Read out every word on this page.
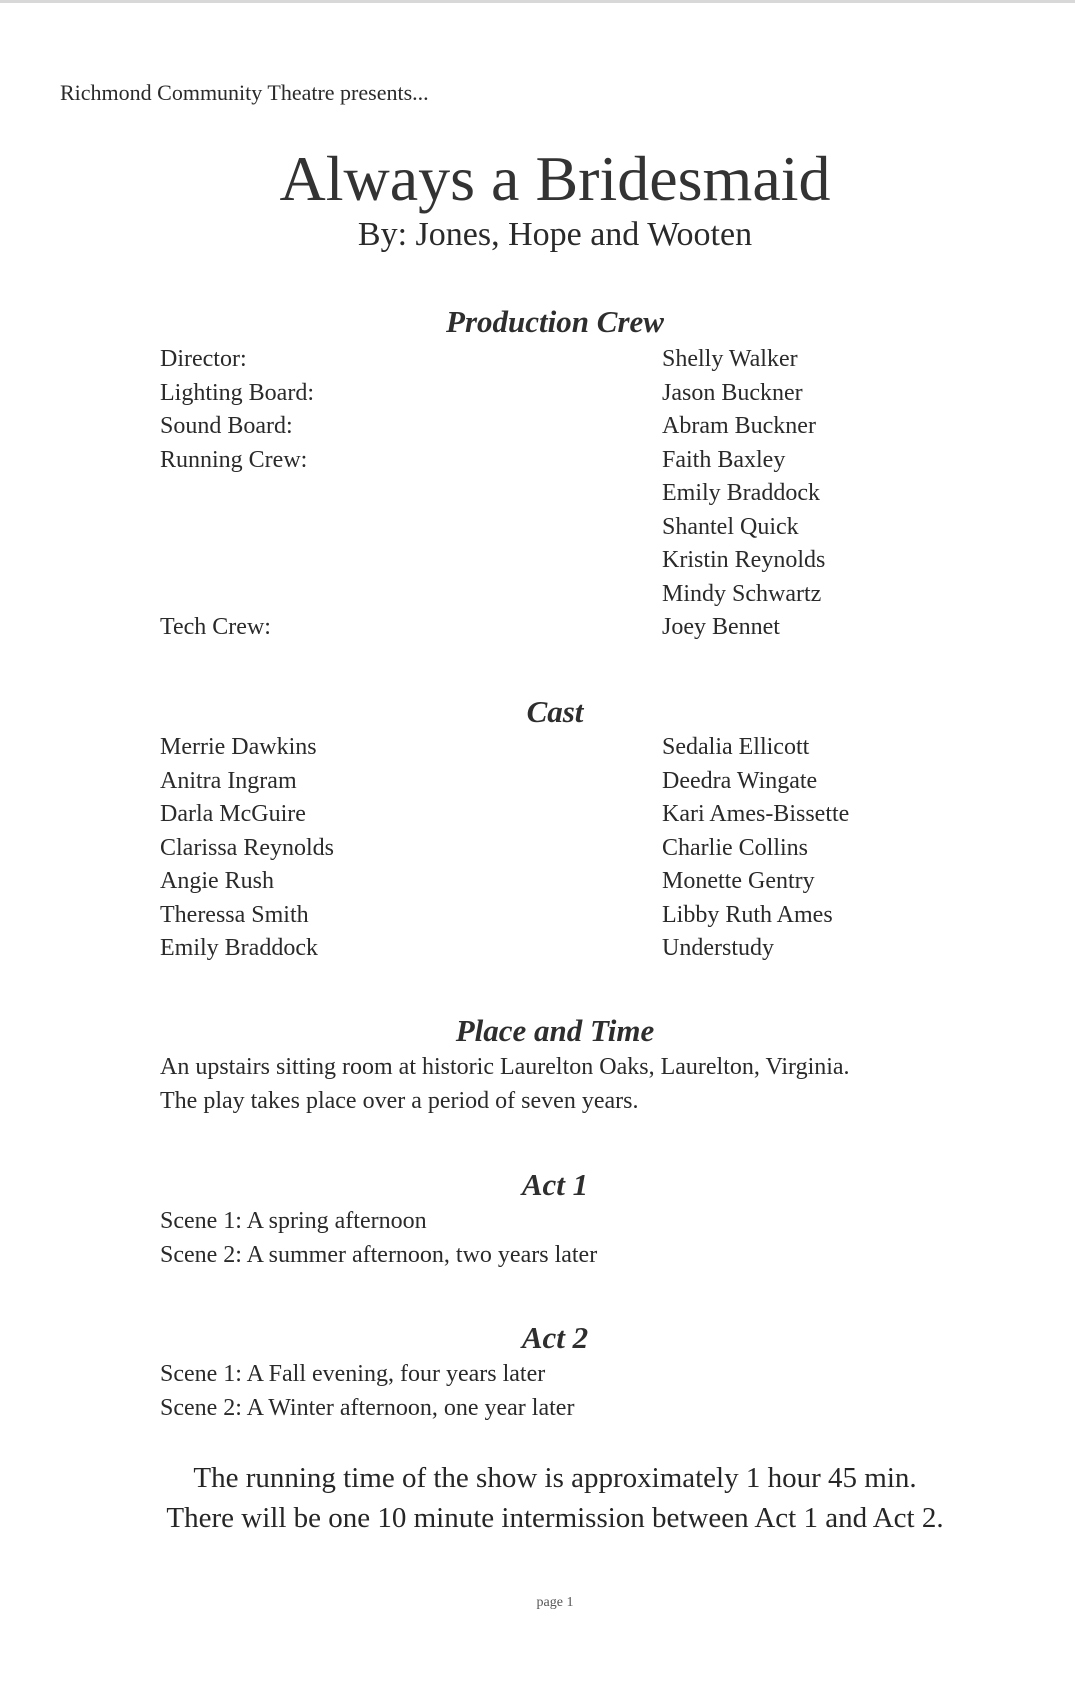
Richmond Community Theatre presents...
Always a Bridesmaid
By: Jones, Hope and Wooten
Production Crew
Director:
Lighting Board:
Sound Board:
Running Crew:
Tech Crew:
Shelly Walker
Jason Buckner
Abram Buckner
Faith Baxley
Emily Braddock
Shantel Quick
Kristin Reynolds
Mindy Schwartz
Joey Bennet
Cast
Merrie Dawkins
Anitra Ingram
Darla McGuire
Clarissa Reynolds
Angie Rush
Theressa Smith
Emily Braddock
Sedalia Ellicott
Deedra Wingate
Kari Ames-Bissette
Charlie Collins
Monette Gentry
Libby Ruth Ames
Understudy
Place and Time
An upstairs sitting room at historic Laurelton Oaks, Laurelton, Virginia.
The play takes place over a period of seven years.
Act 1
Scene 1: A spring afternoon
Scene 2: A summer afternoon, two years later
Act 2
Scene 1: A Fall evening, four years later
Scene 2: A Winter afternoon, one year later
The running time of the show is approximately 1 hour 45 min.
There will be one 10 minute intermission between Act 1 and Act 2.
page 1
